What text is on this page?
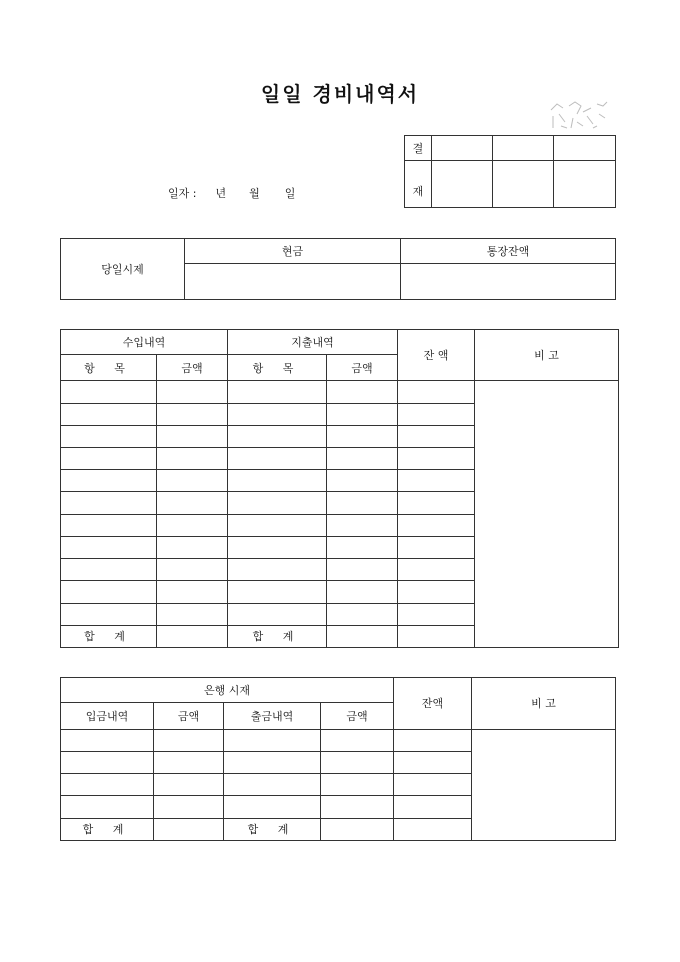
일일 경비내역서
일자 : 년 월 일
결			
재			
당일시제	현금	통장잔액

수입내역		지출내역		잔 액	비 고
항 목	금액	항 목	금액		

합 계		합 계			
은행 시재				잔액	비 고
입금내역	금액	출금내역	금액		

합 계		합 계			
